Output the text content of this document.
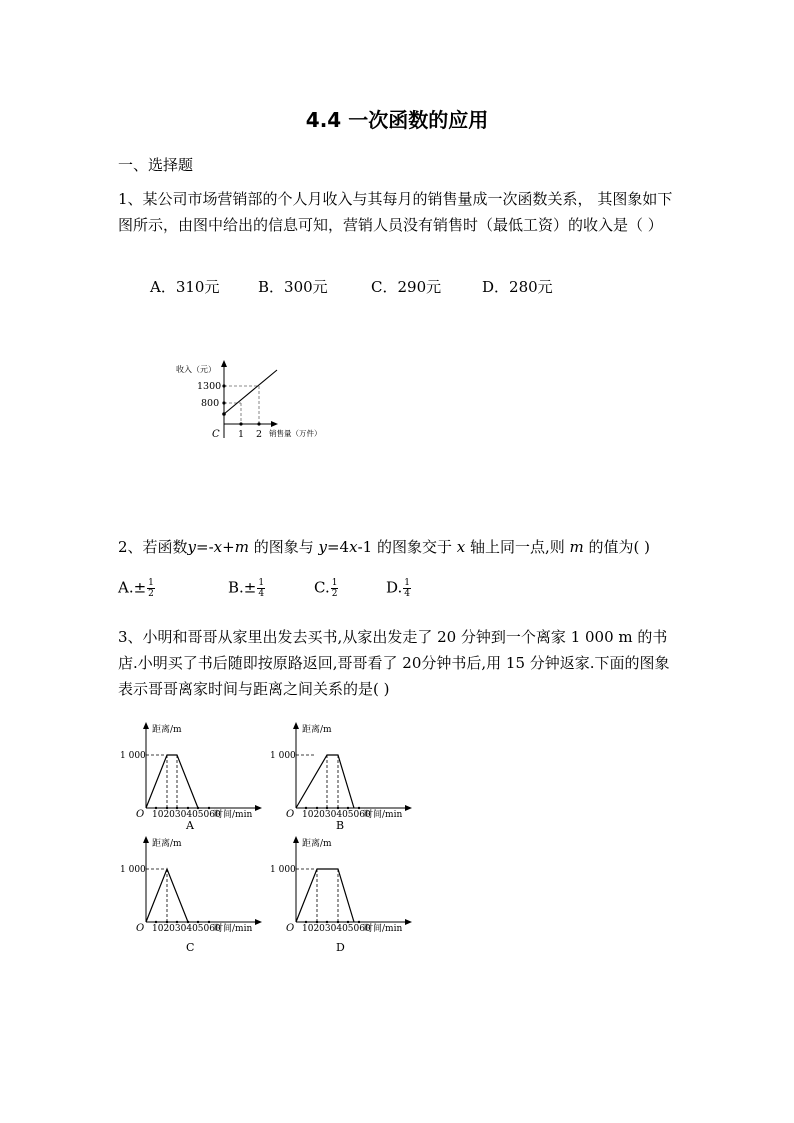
4.4 一次函数的应用
一、选择题
1、某公司市场营销部的个人月收入与其每月的销售量成一次函数关系， 其图象如下图所示，由图中给出的信息可知，营销人员没有销售时（最低工资）的收入是（ ）
A．310元	B．300元	C．290元	D．280元
收入（元）
1300
800
C 1 2 销售量（万件）
2、若函数y=-x+m 的图象与 y=4x-1 的图象交于 x 轴上同一点,则 m 的值为( )
$A.\pm \frac{1}{2}$	$B.\pm \frac{1}{4}$	C. $\frac{1}{2}$	D. $\frac{1}{4}$
3、小明和哥哥从家里出发去买书,从家出发走了 20 分钟到一个离家 1 000 m 的书店.小明买了书后随即按原路返回,哥哥看了 20分钟书后,用 15 分钟返家.下面的图象表示哥哥离家时间与距离之间关系的是( )
距离/m
1 000
O 102030405060
时间/min
A
距离/m
1 000
O 102030405060
时间/min
B
距离/m
1 000
O 102030405060
时间/min
C
距离/m
1 000
O 102030405060
时间/min
D
